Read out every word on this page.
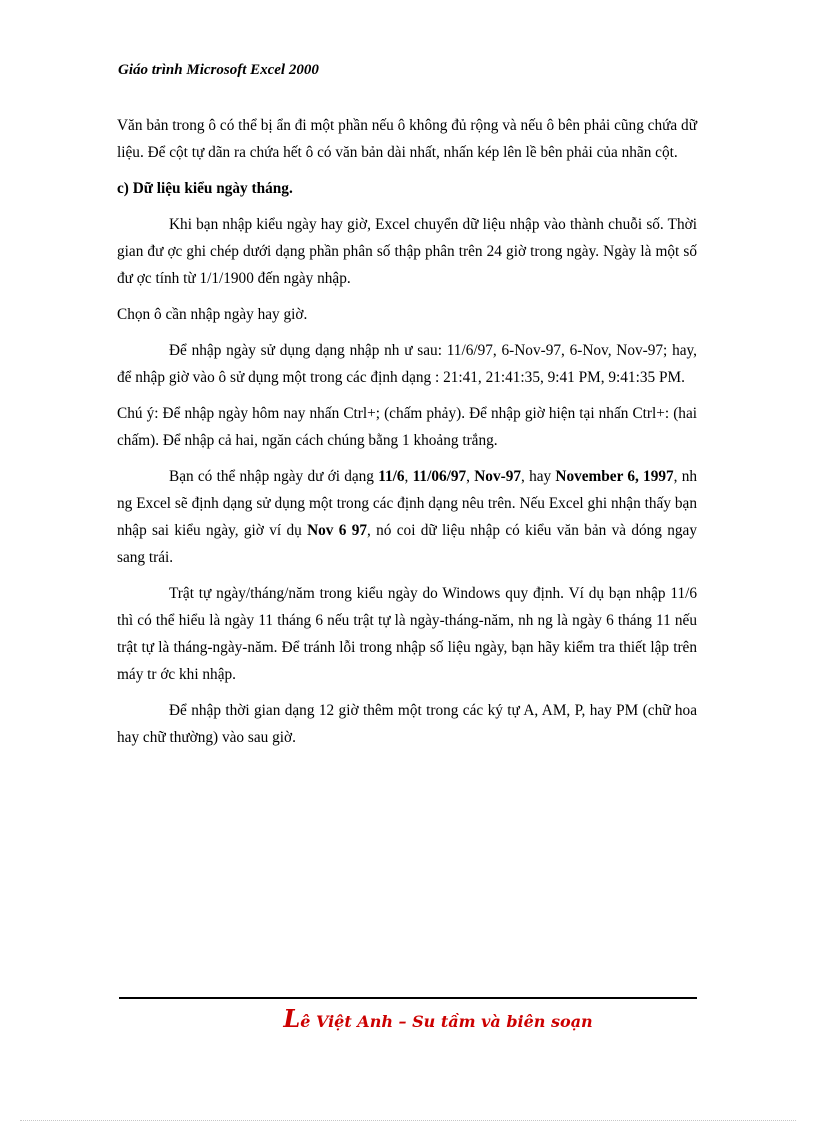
Giáo trình Microsoft Excel 2000

Văn bản trong ô có thể bị ẩn đi một phần nếu ô không đủ rộng và nếu ô bên phải cũng chứa dữ liệu. Để cột tự dãn ra chứa hết ô có văn bản dài nhất, nhấn kép lên lề bên phải của nhãn cột.

c) Dữ liệu kiểu ngày tháng.

Khi bạn nhập kiểu ngày hay giờ, Excel chuyển dữ liệu nhập vào thành chuỗi số. Thời gian đư ợc ghi chép dưới dạng phần phân số thập phân trên 24 giờ trong ngày. Ngày là một số đư ợc tính từ 1/1/1900 đến ngày nhập.

Chọn ô cần nhập ngày hay giờ.

Để nhập ngày sử dụng dạng nhập nh ư sau: 11/6/97, 6-Nov-97, 6-Nov, Nov-97; hay, để nhập giờ vào ô sử dụng một trong các định dạng : 21:41, 21:41:35, 9:41 PM, 9:41:35 PM.

Chú ý: Để nhập ngày hôm nay nhấn Ctrl+; (chấm phảy). Để nhập giờ hiện tại nhấn Ctrl+: (hai chấm). Để nhập cả hai, ngăn cách chúng bằng 1 khoảng trắng.

Bạn có thể nhập ngày dư ới dạng 11/6, 11/06/97, Nov-97, hay November 6, 1997, nh ng Excel sẽ định dạng sử dụng một trong các định dạng nêu trên. Nếu Excel ghi nhận thấy bạn nhập sai kiểu ngày, giờ ví dụ Nov 6 97, nó coi dữ liệu nhập có kiểu văn bản và dóng ngay sang trái.

Trật tự ngày/tháng/năm trong kiểu ngày do Windows quy định. Ví dụ bạn nhập 11/6 thì có thể hiểu là ngày 11 tháng 6 nếu trật tự là ngày-tháng-năm, nh ng là ngày 6 tháng 11 nếu trật tự là tháng-ngày-năm. Để tránh lỗi trong nhập số liệu ngày, bạn hãy kiểm tra thiết lập trên máy tr ớc khi nhập.

Để nhập thời gian dạng 12 giờ thêm một trong các ký tự A, AM, P, hay PM (chữ hoa hay chữ thường) vào sau giờ.

Lê Việt Anh – Su tầm và biên soạn
